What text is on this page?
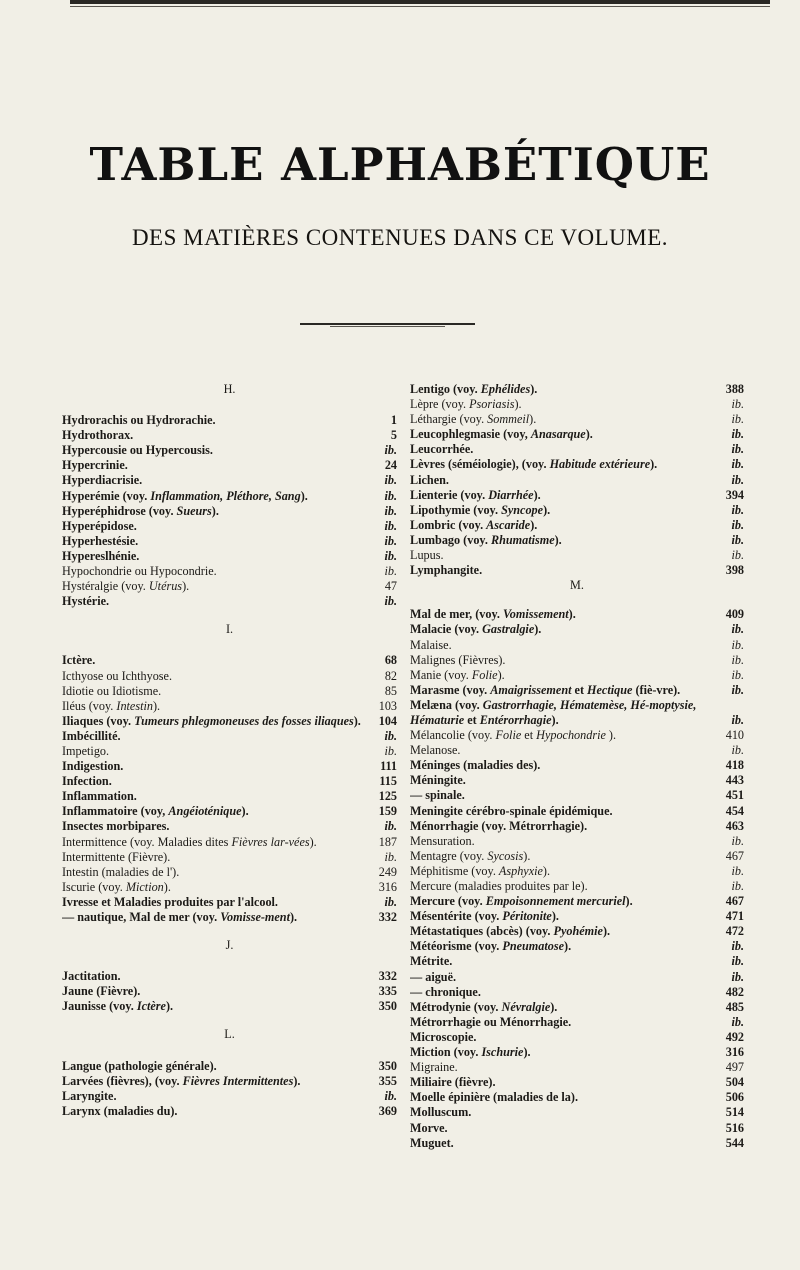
TABLE ALPHABÉTIQUE
DES MATIÈRES CONTENUES DANS CE VOLUME.
H.
Hydrorachis ou Hydrorachie.	1
Hydrothorax.	5
Hypercousie ou Hypercousis.	ib.
Hypercrinie.	24
Hyperdiacrisie.	ib.
Hyperémie (voy. Inflammation, Pléthore, Sang).	ib.
Hyperéphidrose (voy. Sueurs).	ib.
Hyperépidose.	ib.
Hyperhestésie.	ib.
Hypereslhénie.	ib.
Hypochondrie ou Hypocondrie.	ib.
Hystéralgie (voy. Utérus).	47
Hystérie.	ib.
I.
Ictère.	68
Icthyose ou Ichthyose.	82
Idiotie ou Idiotisme.	85
Iléus (voy. Intestin).	103
Iliaques (voy. Tumeurs phlegmoneuses des fosses iliaques).	104
Imbécillité.	ib.
Impetigo.	ib.
Indigestion.	111
Infection.	115
Inflammation.	125
Inflammatoire (voy, Angéioténique).	159
Insectes morbipares.	ib.
Intermittence (voy. Maladies dites Fièvres lar-vées).	187
Intermittente (Fièvre).	ib.
Intestin (maladies de l').	249
Iscurie (voy. Miction).	316
Ivresse et Maladies produites par l'alcool.	ib.
— nautique, Mal de mer (voy. Vomisse-ment).	332
J.
Jactitation.	332
Jaune (Fièvre).	335
Jaunisse (voy. Ictère).	350
L.
Langue (pathologie générale).	350
Larvées (fièvres), (voy. Fièvres Intermittentes).	355
Laryngite.	ib.
Larynx (maladies du).	369
Lentigo (voy. Ephélides).	388
Lèpre (voy. Psoriasis).	ib.
Léthargie (voy. Sommeil).	ib.
Leucophlegmasie (voy, Anasarque).	ib.
Leucorrhée.	ib.
Lèvres (séméiologie), (voy. Habitude extérieure).	ib.
Lichen.	ib.
Lienterie (voy. Diarrhée).	394
Lipothymie (voy. Syncope).	ib.
Lombric (voy. Ascaride).	ib.
Lumbago (voy. Rhumatisme).	ib.
Lupus.	ib.
Lymphangite.	398
M.
Mal de mer, (voy. Vomissement).	409
Malacie (voy. Gastralgie).	ib.
Malaise.	ib.
Malignes (Fièvres).	ib.
Manie (voy. Folie).	ib.
Marasme (voy. Amaigrissement et Hectique (fiè-vre).	ib.
Melæna (voy. Gastrorrhagie, Hématemèse, Hé-moptysie, Hématurie et Entérorrhagie).	ib.
Mélancolie (voy. Folie et Hypochondrie ).	410
Melanose.	ib.
Méninges (maladies des).	418
Méningite.	443
— spinale.	451
Meningite cérébro-spinale épidémique.	454
Ménorrhagie (voy. Métrorrhagie).	463
Mensuration.	ib.
Mentagre (voy. Sycosis).	467
Méphitisme (voy. Asphyxie).	ib.
Mercure (maladies produites par le).	ib.
Mercure (voy. Empoisonnement mercuriel).	467
Mésentérite (voy. Péritonite).	471
Métastatiques (abcès) (voy. Pyohémie).	472
Météorisme (voy. Pneumatose).	ib.
Métrite.	ib.
— aiguë.	ib.
— chronique.	482
Métrodynie (voy. Névralgie).	485
Métrorrhagie ou Ménorrhagie.	ib.
Microscopie.	492
Miction (voy. Ischurie).	316
Migraine.	497
Miliaire (fièvre).	504
Moelle épinière (maladies de la).	506
Molluscum.	514
Morve.	516
Muguet.	544
